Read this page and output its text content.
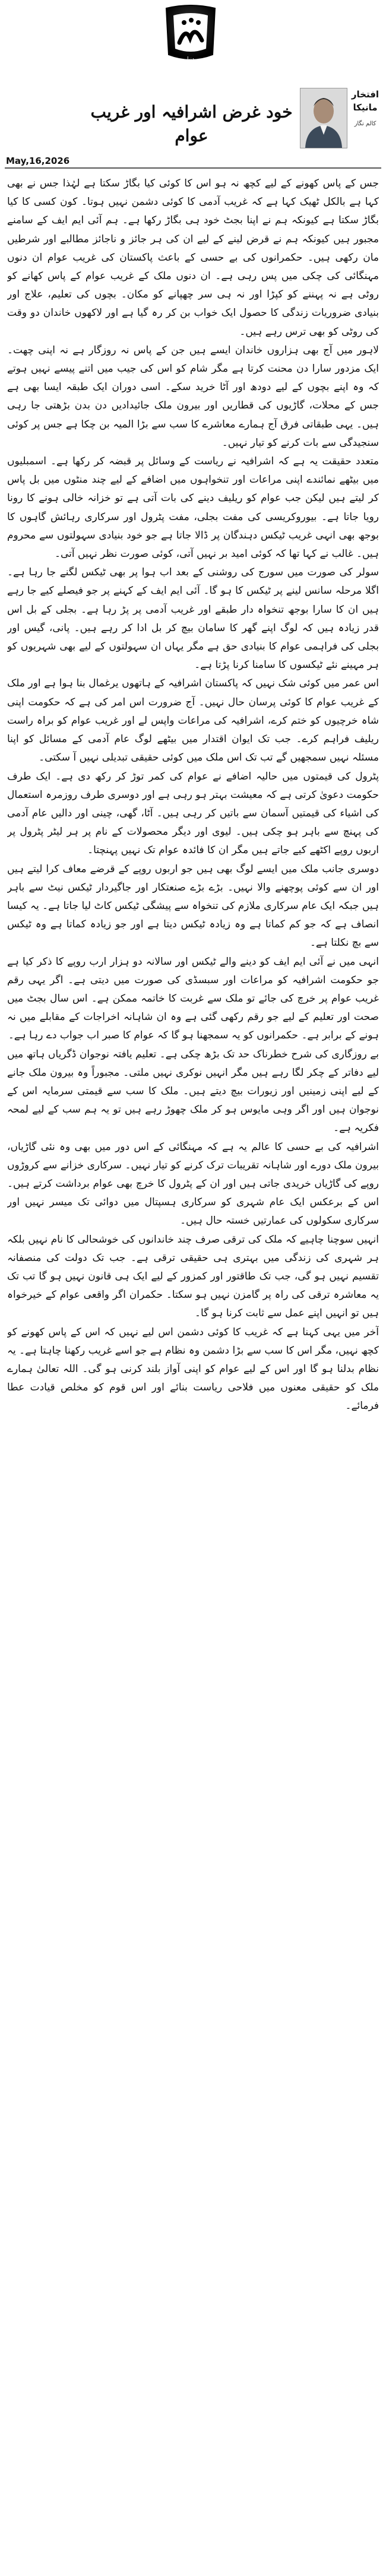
دنیا
افتخار مانیکا
کالم نگار
خود غرض اشرافیہ اور غریب عوام
May,16,2026

جس کے پاس کھونے کے لیے کچھ نہ ہو اس کا کوئی کیا بگاڑ سکتا ہے لہٰذا جس نے بھی کہا ہے بالکل ٹھیک کہا ہے کہ غریب آدمی کا کوئی دشمن نہیں ہوتا۔ کون کسی کا کیا بگاڑ سکتا ہے کیونکہ ہم نے اپنا بجٹ خود ہی بگاڑ رکھا ہے۔ ہم آئی ایم ایف کے سامنے مجبور ہیں کیونکہ ہم نے قرض لینے کے لیے ان کی ہر جائز و ناجائز مطالبے اور شرطیں مان رکھی ہیں۔ حکمرانوں کی بے حسی کے باعث پاکستان کی غریب عوام ان دنوں مہنگائی کی چکی میں پس رہی ہے۔ ان دنوں ملک کے غریب عوام کے پاس کھانے کو روٹی ہے نہ پہننے کو کپڑا اور نہ ہی سر چھپانے کو مکان۔ بچوں کی تعلیم، علاج اور بنیادی ضروریات زندگی کا حصول ایک خواب بن کر رہ گیا ہے اور لاکھوں خاندان دو وقت کی روٹی کو بھی ترس رہے ہیں۔

لاہور میں آج بھی ہزاروں خاندان ایسے ہیں جن کے پاس نہ روزگار ہے نہ اپنی چھت۔ ایک مزدور سارا دن محنت کرتا ہے مگر شام کو اس کی جیب میں اتنے پیسے نہیں ہوتے کہ وہ اپنے بچوں کے لیے دودھ اور آٹا خرید سکے۔ اسی دوران ایک طبقہ ایسا بھی ہے جس کے محلات، گاڑیوں کی قطاریں اور بیرون ملک جائیدادیں دن بدن بڑھتی جا رہی ہیں۔ یہی طبقاتی فرق آج ہمارے معاشرے کا سب سے بڑا المیہ بن چکا ہے جس پر کوئی سنجیدگی سے بات کرنے کو تیار نہیں۔

متعدد حقیقت یہ ہے کہ اشرافیہ نے ریاست کے وسائل پر قبضہ کر رکھا ہے۔ اسمبلیوں میں بیٹھے نمائندے اپنی مراعات اور تنخواہوں میں اضافے کے لیے چند منٹوں میں بل پاس کر لیتے ہیں لیکن جب عوام کو ریلیف دینے کی بات آتی ہے تو خزانہ خالی ہونے کا رونا رویا جاتا ہے۔ بیوروکریسی کی مفت بجلی، مفت پٹرول اور سرکاری رہائش گاہوں کا بوجھ بھی انہی غریب ٹیکس دہندگان پر ڈالا جاتا ہے جو خود بنیادی سہولتوں سے محروم ہیں۔ غالب نے کہا تھا کہ کوئی امید بر نہیں آتی، کوئی صورت نظر نہیں آتی۔

سولر کی صورت میں سورج کی روشنی کے بعد اب ہوا پر بھی ٹیکس لگنے جا رہا ہے۔ اگلا مرحلہ سانس لینے پر ٹیکس کا ہو گا۔ آئی ایم ایف کے کہنے پر جو فیصلے کیے جا رہے ہیں ان کا سارا بوجھ تنخواہ دار طبقے اور غریب آدمی پر پڑ رہا ہے۔ بجلی کے بل اس قدر زیادہ ہیں کہ لوگ اپنے گھر کا سامان بیچ کر بل ادا کر رہے ہیں۔ پانی، گیس اور بجلی کی فراہمی عوام کا بنیادی حق ہے مگر یہاں ان سہولتوں کے لیے بھی شہریوں کو ہر مہینے نئے ٹیکسوں کا سامنا کرنا پڑتا ہے۔

اس عمر میں کوئی شک نہیں کہ پاکستان اشرافیہ کے ہاتھوں یرغمال بنا ہوا ہے اور ملک کے غریب عوام کا کوئی پرسان حال نہیں۔ آج ضرورت اس امر کی ہے کہ حکومت اپنی شاہ خرچیوں کو ختم کرے، اشرافیہ کی مراعات واپس لے اور غریب عوام کو براہ راست ریلیف فراہم کرے۔ جب تک ایوان اقتدار میں بیٹھے لوگ عام آدمی کے مسائل کو اپنا مسئلہ نہیں سمجھیں گے تب تک اس ملک میں کوئی حقیقی تبدیلی نہیں آ سکتی۔

پٹرول کی قیمتوں میں حالیہ اضافے نے عوام کی کمر توڑ کر رکھ دی ہے۔ ایک طرف حکومت دعویٰ کرتی ہے کہ معیشت بہتر ہو رہی ہے اور دوسری طرف روزمرہ استعمال کی اشیاء کی قیمتیں آسمان سے باتیں کر رہی ہیں۔ آٹا، گھی، چینی اور دالیں عام آدمی کی پہنچ سے باہر ہو چکی ہیں۔ لیوی اور دیگر محصولات کے نام پر ہر لیٹر پٹرول پر اربوں روپے اکٹھے کیے جاتے ہیں مگر ان کا فائدہ عوام تک نہیں پہنچتا۔

دوسری جانب ملک میں ایسے لوگ بھی ہیں جو اربوں روپے کے قرضے معاف کرا لیتے ہیں اور ان سے کوئی پوچھنے والا نہیں۔ بڑے بڑے صنعتکار اور جاگیردار ٹیکس نیٹ سے باہر ہیں جبکہ ایک عام سرکاری ملازم کی تنخواہ سے پیشگی ٹیکس کاٹ لیا جاتا ہے۔ یہ کیسا انصاف ہے کہ جو کم کماتا ہے وہ زیادہ ٹیکس دیتا ہے اور جو زیادہ کماتا ہے وہ ٹیکس سے بچ نکلتا ہے۔

انہی میں نے آئی ایم ایف کو دینے والے ٹیکس اور سالانہ دو ہزار ارب روپے کا ذکر کیا ہے جو حکومت اشرافیہ کو مراعات اور سبسڈی کی صورت میں دیتی ہے۔ اگر یہی رقم غریب عوام پر خرچ کی جائے تو ملک سے غربت کا خاتمہ ممکن ہے۔ اس سال بجٹ میں صحت اور تعلیم کے لیے جو رقم رکھی گئی ہے وہ ان شاہانہ اخراجات کے مقابلے میں نہ ہونے کے برابر ہے۔ حکمرانوں کو یہ سمجھنا ہو گا کہ عوام کا صبر اب جواب دے رہا ہے۔

بے روزگاری کی شرح خطرناک حد تک بڑھ چکی ہے۔ تعلیم یافتہ نوجوان ڈگریاں ہاتھ میں لیے دفاتر کے چکر لگا رہے ہیں مگر انہیں نوکری نہیں ملتی۔ مجبوراً وہ بیرون ملک جانے کے لیے اپنی زمینیں اور زیورات بیچ دیتے ہیں۔ ملک کا سب سے قیمتی سرمایہ اس کے نوجوان ہیں اور اگر وہی مایوس ہو کر ملک چھوڑ رہے ہیں تو یہ ہم سب کے لیے لمحہ فکریہ ہے۔

اشرافیہ کی بے حسی کا عالم یہ ہے کہ مہنگائی کے اس دور میں بھی وہ نئی گاڑیاں، بیرون ملک دورے اور شاہانہ تقریبات ترک کرنے کو تیار نہیں۔ سرکاری خزانے سے کروڑوں روپے کی گاڑیاں خریدی جاتی ہیں اور ان کے پٹرول کا خرچ بھی عوام برداشت کرتے ہیں۔ اس کے برعکس ایک عام شہری کو سرکاری ہسپتال میں دوائی تک میسر نہیں اور سرکاری سکولوں کی عمارتیں خستہ حال ہیں۔

انہیں سوچنا چاہیے کہ ملک کی ترقی صرف چند خاندانوں کی خوشحالی کا نام نہیں بلکہ ہر شہری کی زندگی میں بہتری ہی حقیقی ترقی ہے۔ جب تک دولت کی منصفانہ تقسیم نہیں ہو گی، جب تک طاقتور اور کمزور کے لیے ایک ہی قانون نہیں ہو گا تب تک یہ معاشرہ ترقی کی راہ پر گامزن نہیں ہو سکتا۔ حکمران اگر واقعی عوام کے خیرخواہ ہیں تو انہیں اپنے عمل سے ثابت کرنا ہو گا۔

آخر میں یہی کہنا ہے کہ غریب کا کوئی دشمن اس لیے نہیں کہ اس کے پاس کھونے کو کچھ نہیں، مگر اس کا سب سے بڑا دشمن وہ نظام ہے جو اسے غریب رکھنا چاہتا ہے۔ یہ نظام بدلنا ہو گا اور اس کے لیے عوام کو اپنی آواز بلند کرنی ہو گی۔ اللہ تعالیٰ ہمارے ملک کو حقیقی معنوں میں فلاحی ریاست بنائے اور اس قوم کو مخلص قیادت عطا فرمائے۔
